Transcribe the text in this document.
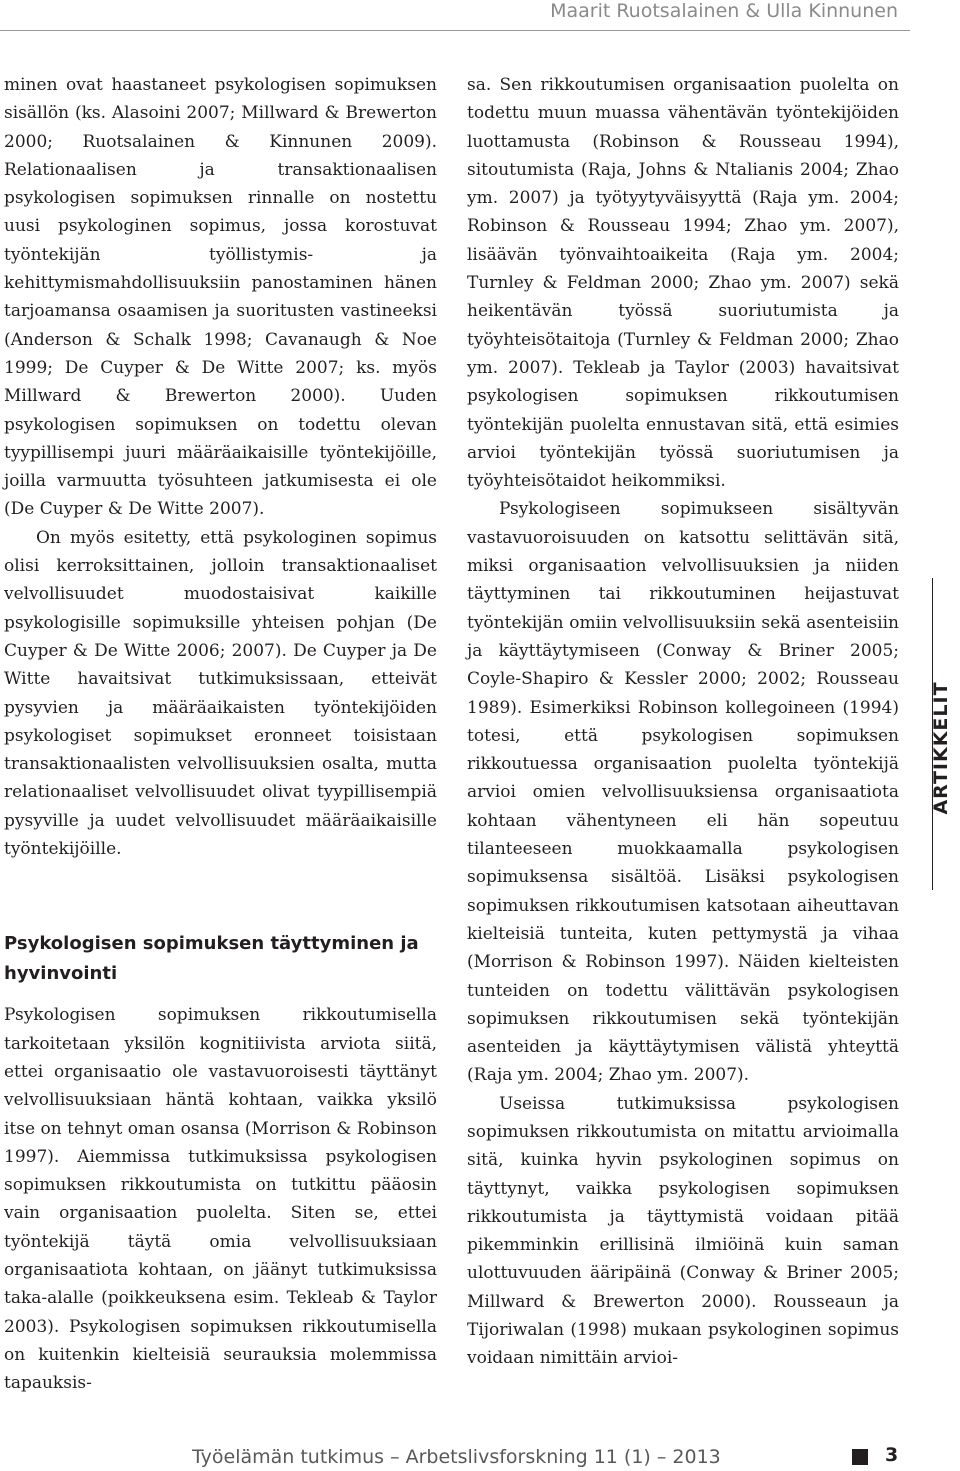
Maarit Ruotsalainen & Ulla Kinnunen

minen ovat haastaneet psykologisen sopimuksen sisällön (ks. Alasoini 2007; Millward & Brewerton 2000; Ruotsalainen & Kinnunen 2009). Relationaalisen ja transaktionaalisen psykologisen sopimuksen rinnalle on nostettu uusi psykologinen sopimus, jossa korostuvat työntekijän työllistymis- ja kehittymismahdollisuuksiin panostaminen hänen tarjoamansa osaamisen ja suoritusten vastineeksi (Anderson & Schalk 1998; Cavanaugh & Noe 1999; De Cuyper & De Witte 2007; ks. myös Millward & Brewerton 2000). Uuden psykologisen sopimuksen on todettu olevan tyypillisempi juuri määräaikaisille työntekijöille, joilla varmuutta työsuhteen jatkumisesta ei ole (De Cuyper & De Witte 2007).

On myös esitetty, että psykologinen sopimus olisi kerroksittainen, jolloin transaktionaaliset velvollisuudet muodostaisivat kaikille psykologisille sopimuksille yhteisen pohjan (De Cuyper & De Witte 2006; 2007). De Cuyper ja De Witte havaitsivat tutkimuksissaan, etteivät pysyvien ja määräaikaisten työntekijöiden psykologiset sopimukset eronneet toisistaan transaktionaalisten velvollisuuksien osalta, mutta relationaaliset velvollisuudet olivat tyypillisempiä pysyville ja uudet velvollisuudet määräaikaisille työntekijöille.

Psykologisen sopimuksen täyttyminen ja hyvinvointi

Psykologisen sopimuksen rikkoutumisella tarkoitetaan yksilön kognitiivista arviota siitä, ettei organisaatio ole vastavuoroisesti täyttänyt velvollisuuksiaan häntä kohtaan, vaikka yksilö itse on tehnyt oman osansa (Morrison & Robinson 1997). Aiemmissa tutkimuksissa psykologisen sopimuksen rikkoutumista on tutkittu pääosin vain organisaation puolelta. Siten se, ettei työntekijä täytä omia velvollisuuksiaan organisaatiota kohtaan, on jäänyt tutkimuksissa taka-alalle (poikkeuksena esim. Tekleab & Taylor 2003). Psykologisen sopimuksen rikkoutumisella on kuitenkin kielteisiä seurauksia molemmissa tapauksis-

sa. Sen rikkoutumisen organisaation puolelta on todettu muun muassa vähentävän työntekijöiden luottamusta (Robinson & Rousseau 1994), sitoutumista (Raja, Johns & Ntalianis 2004; Zhao ym. 2007) ja työtyytyväisyyttä (Raja ym. 2004; Robinson & Rousseau 1994; Zhao ym. 2007), lisäävän työnvaihtoaikeita (Raja ym. 2004; Turnley & Feldman 2000; Zhao ym. 2007) sekä heikentävän työssä suoriutumista ja työyhteisötaitoja (Turnley & Feldman 2000; Zhao ym. 2007). Tekleab ja Taylor (2003) havaitsivat psykologisen sopimuksen rikkoutumisen työntekijän puolelta ennustavan sitä, että esimies arvioi työntekijän työssä suoriutumisen ja työyhteisötaidot heikommiksi.

Psykologiseen sopimukseen sisältyvän vastavuoroisuuden on katsottu selittävän sitä, miksi organisaation velvollisuuksien ja niiden täyttyminen tai rikkoutuminen heijastuvat työntekijän omiin velvollisuuksiin sekä asenteisiin ja käyttäytymiseen (Conway & Briner 2005; Coyle-Shapiro & Kessler 2000; 2002; Rousseau 1989). Esimerkiksi Robinson kollegoineen (1994) totesi, että psykologisen sopimuksen rikkoutuessa organisaation puolelta työntekijä arvioi omien velvollisuuksiensa organisaatiota kohtaan vähentyneen eli hän sopeutuu tilanteeseen muokkaamalla psykologisen sopimuksensa sisältöä. Lisäksi psykologisen sopimuksen rikkoutumisen katsotaan aiheuttavan kielteisiä tunteita, kuten pettymystä ja vihaa (Morrison & Robinson 1997). Näiden kielteisten tunteiden on todettu välittävän psykologisen sopimuksen rikkoutumisen sekä työntekijän asenteiden ja käyttäytymisen välistä yhteyttä (Raja ym. 2004; Zhao ym. 2007).

Useissa tutkimuksissa psykologisen sopimuksen rikkoutumista on mitattu arvioimalla sitä, kuinka hyvin psykologinen sopimus on täyttynyt, vaikka psykologisen sopimuksen rikkoutumista ja täyttymistä voidaan pitää pikemminkin erillisinä ilmiöinä kuin saman ulottuvuuden ääripäinä (Conway & Briner 2005; Millward & Brewerton 2000). Rousseaun ja Tijoriwalan (1998) mukaan psykologinen sopimus voidaan nimittäin arvioi-

ARTIKKELIT
Työelämän tutkimus – Arbetslivsforskning 11 (1) – 2013	3
